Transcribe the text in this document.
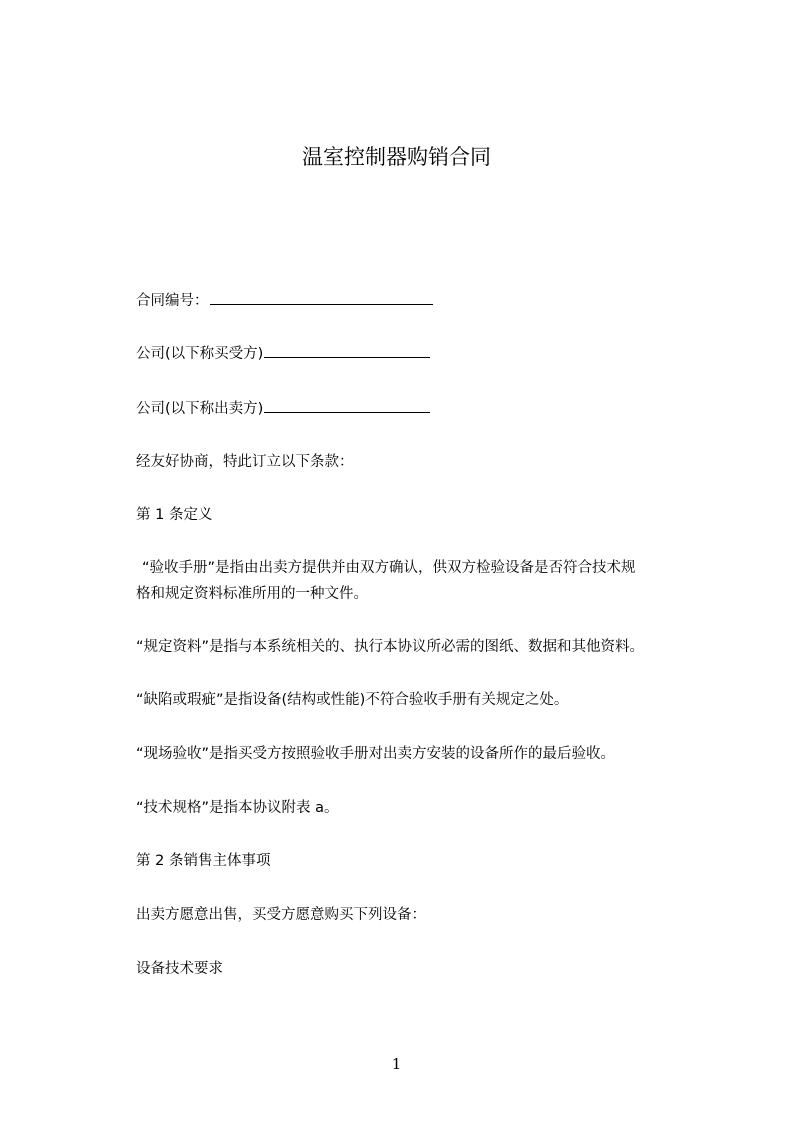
温室控制器购销合同
合同编号：
公司(以下称买受方)
公司(以下称出卖方)
经友好协商，特此订立以下条款：
第 1 条定义
“验收手册”是指由出卖方提供并由双方确认，供双方检验设备是否符合技术规
格和规定资料标准所用的一种文件。
“规定资料”是指与本系统相关的、执行本协议所必需的图纸、数据和其他资料。
“缺陷或瑕疵”是指设备(结构或性能)不符合验收手册有关规定之处。
“现场验收”是指买受方按照验收手册对出卖方安装的设备所作的最后验收。
“技术规格”是指本协议附表 a。
第 2 条销售主体事项
出卖方愿意出售，买受方愿意购买下列设备：
设备技术要求
1
